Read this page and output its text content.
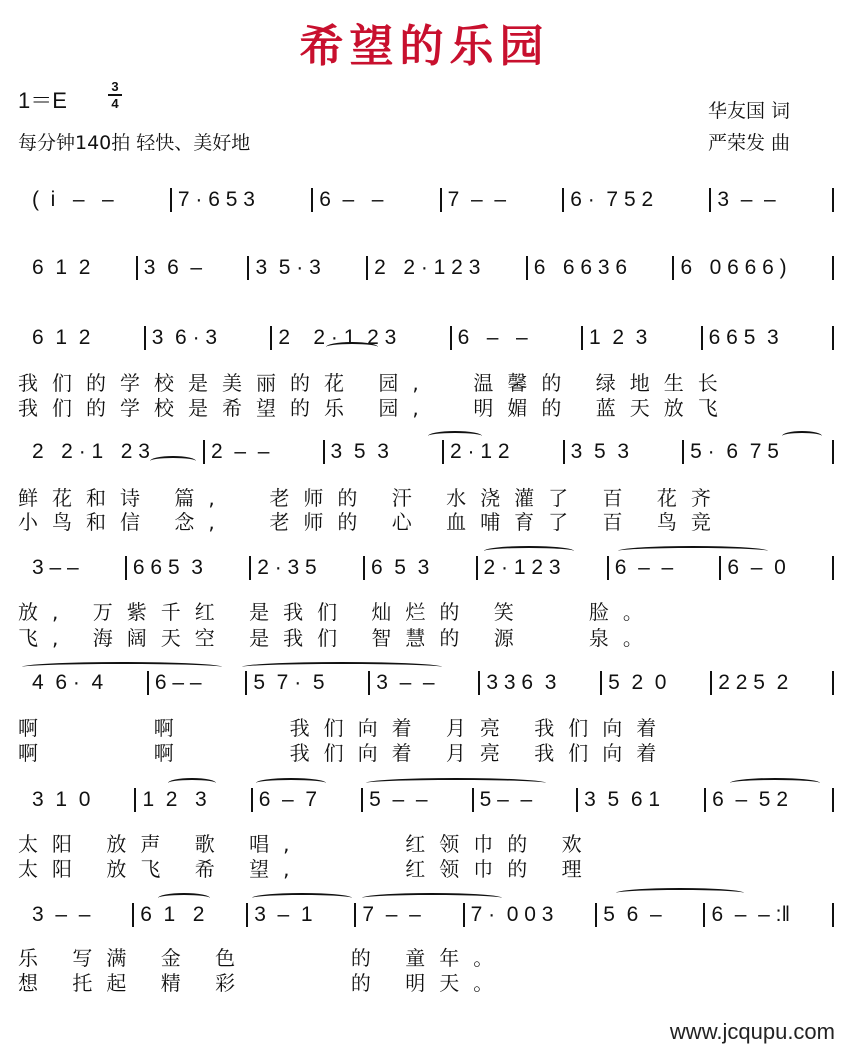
希望的乐园
1＝E	$\frac{3}{4}$
每分钟140拍 轻快、美好地
华友国 词
严荣发 曲
(  i   –   –	7 · 6 5 3	6  –   –	7  –  –	6 ·  7 5 2	3  –  –
6  1  2	3  6  –	3  5 · 3	2   2 · 1 2 3	6   6 6 3 6	6   0 6 6 6 )
6  1  2	3  6 · 3	2    2 · 1  2 3	6   –   –	1  2  3	6 6 5  3
我们的学校是美丽的花 园,  温馨的 绿地生长
我们的学校是希望的乐 园,  明媚的 蓝天放飞
2   2 · 1   2 3	2  –  –	3  5  3	2 · 1 2	3  5  3	5 ·  6  7 5
鲜花和诗 篇,  老师的 汗 水浇灌了 百 花齐
小鸟和信 念,  老师的 心 血哺育了 百 鸟竞
3 – –	6 6 5  3	2 · 3 5	6  5  3	2 · 1 2 3	6  –  –	6  –  0
放, 万紫千红 是我们 灿烂的 笑   脸。
飞, 海阔天空 是我们 智慧的 源   泉。
4  6 ·  4	6 – –	5  7 ·  5	3  –  –	3 3 6  3	5  2  0	2 2 5  2
啊     啊     我们向着 月亮 我们向着
啊     啊     我们向着 月亮 我们向着
3  1  0	1  2   3	6  –  7	5  –  –	5 –  –	3  5  6 1	6  –  5 2
太阳 放声 歌 唱,     红领巾的 欢
太阳 放飞 希 望,     红领巾的 理
3  –  –	6  1   2	3  –  1	7  –  –	7 ·  0 0 3	5  6  –	6  –  – :‖
乐 写满 金 色     的 童年。
想 托起 精 彩     的 明天。
www.jcqupu.com
